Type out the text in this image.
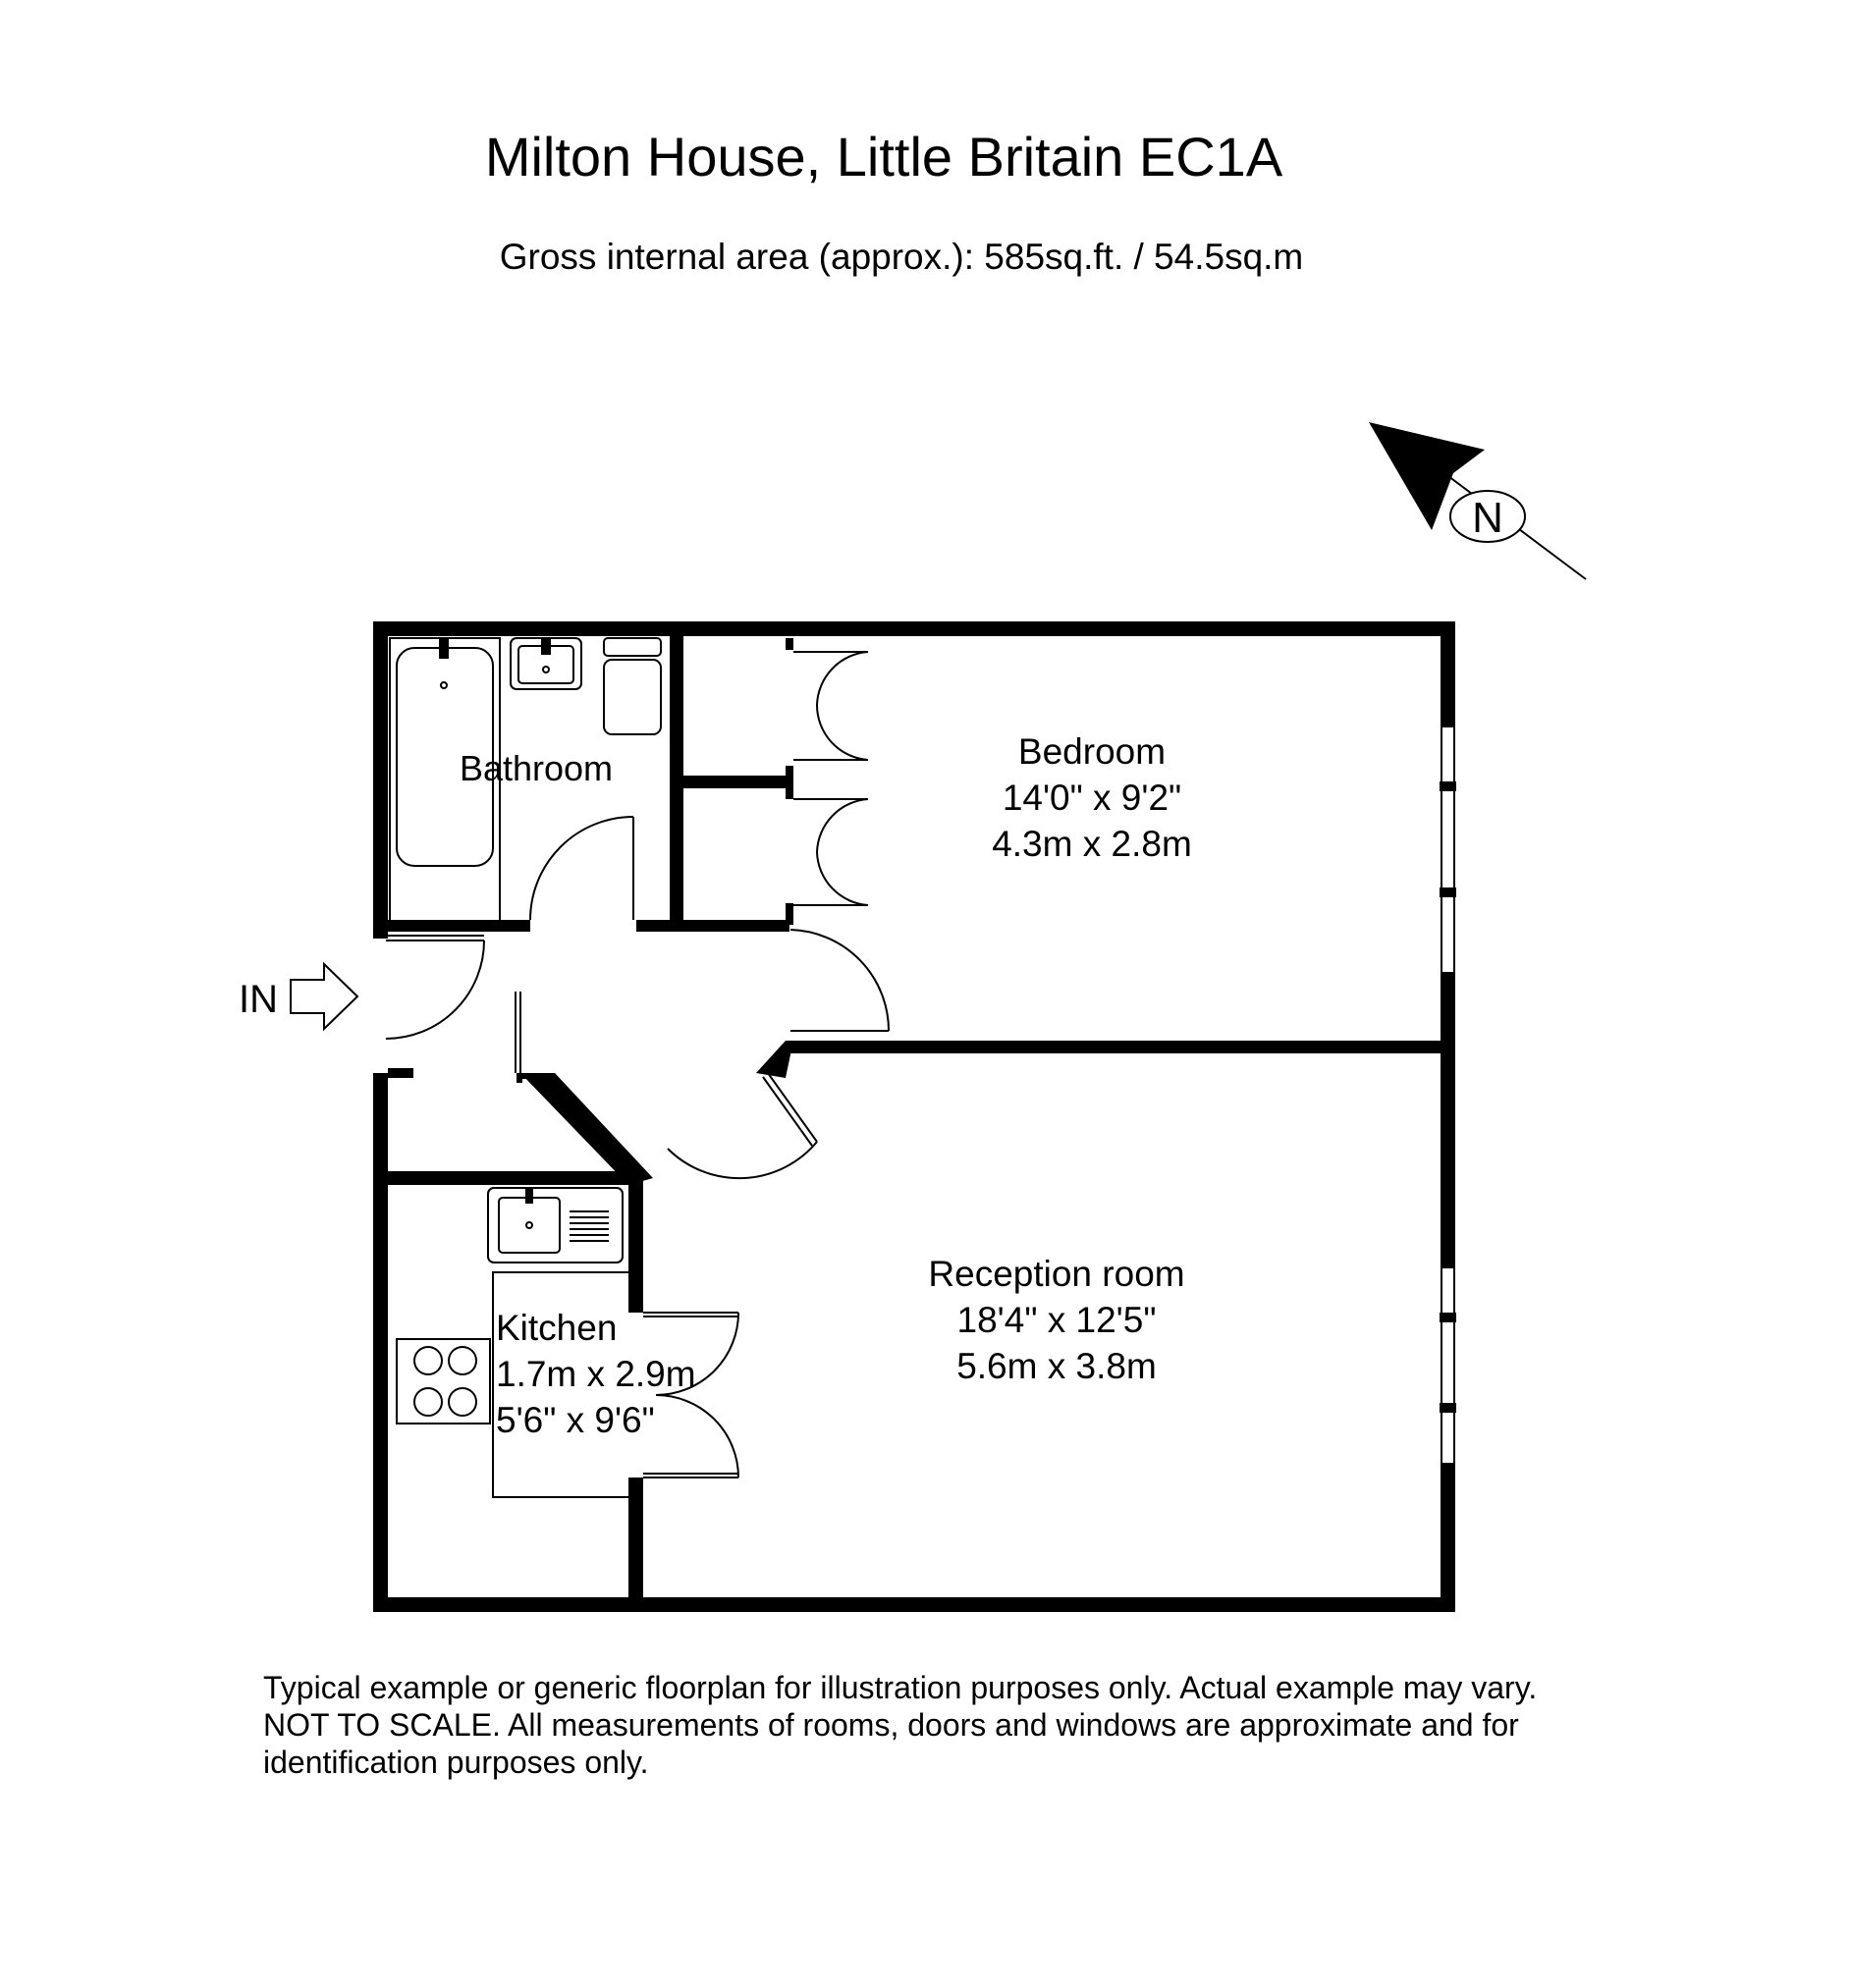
Milton House, Little Britain EC1A
Gross internal area (approx.): 585sq.ft. / 54.5sq.m
N
IN
Bathroom	Bedroom
14'0" x 9'2"
4.3m x 2.8m
Reception room
18'4" x 12'5"
5.6m x 3.8m
Kitchen
1.7m x 2.9m
5'6" x 9'6"
Typical example or generic floorplan for illustration purposes only. Actual example may vary.
NOT TO SCALE. All measurements of rooms, doors and windows are approximate and for
identification purposes only.
